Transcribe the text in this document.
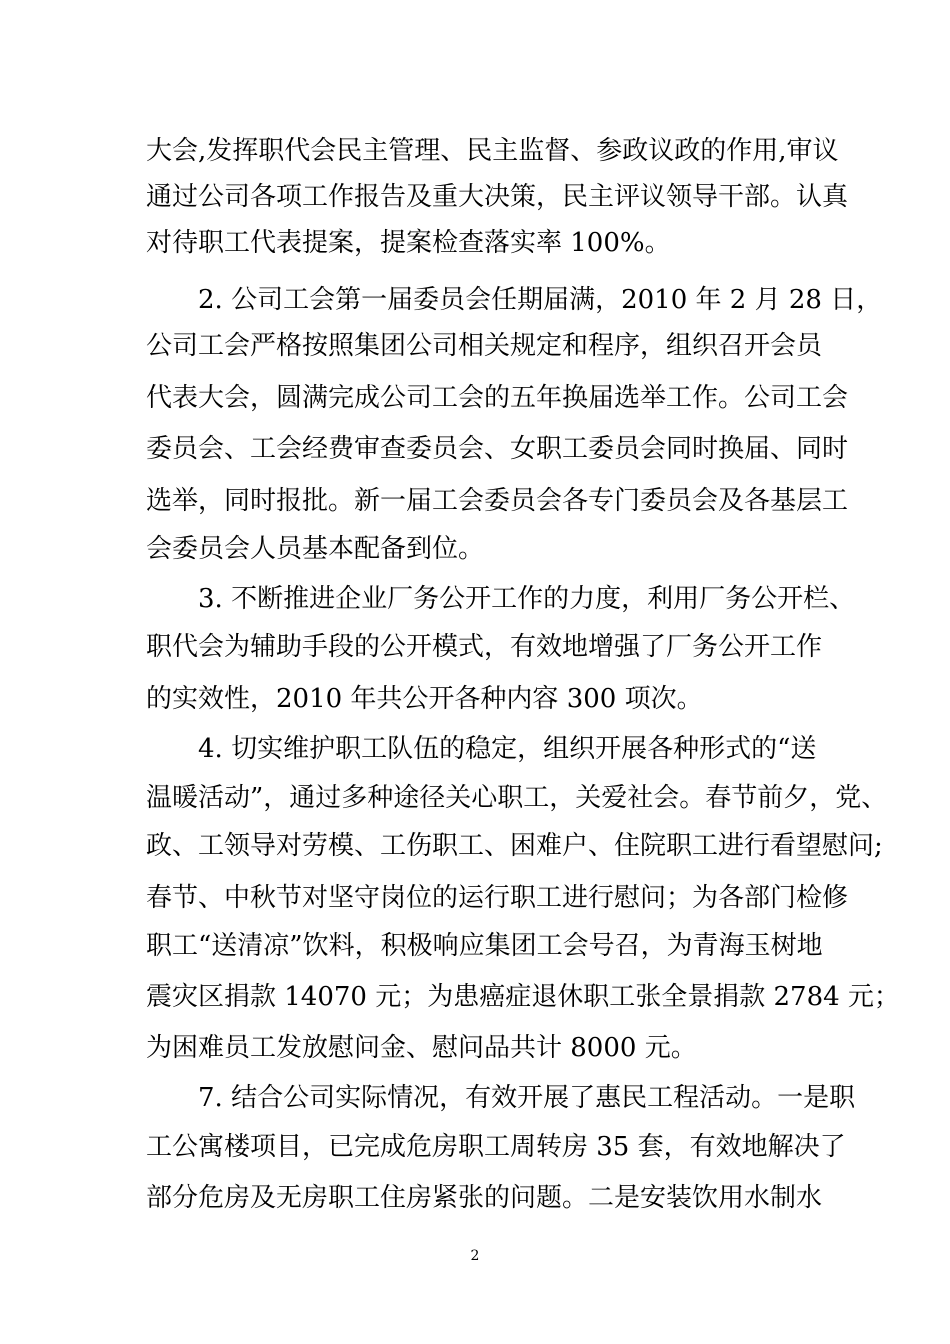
大会,发挥职代会民主管理、民主监督、参政议政的作用,审议
通过公司各项工作报告及重大决策，民主评议领导干部。认真
对待职工代表提案，提案检查落实率 100%。
2. 公司工会第一届委员会任期届满，2010 年 2 月 28 日，
公司工会严格按照集团公司相关规定和程序，组织召开会员
代表大会，圆满完成公司工会的五年换届选举工作。公司工会
委员会、工会经费审查委员会、女职工委员会同时换届、同时
选举，同时报批。新一届工会委员会各专门委员会及各基层工
会委员会人员基本配备到位。
3. 不断推进企业厂务公开工作的力度，利用厂务公开栏、
职代会为辅助手段的公开模式，有效地增强了厂务公开工作
的实效性，2010 年共公开各种内容 300 项次。
4. 切实维护职工队伍的稳定，组织开展各种形式的“送
温暖活动”，通过多种途径关心职工，关爱社会。春节前夕，党、
政、工领导对劳模、工伤职工、困难户、住院职工进行看望慰问;
春节、中秋节对坚守岗位的运行职工进行慰问；为各部门检修
职工“送清凉”饮料，积极响应集团工会号召，为青海玉树地
震灾区捐款 14070 元；为患癌症退休职工张全景捐款 2784 元；
为困难员工发放慰问金、慰问品共计 8000 元。
7. 结合公司实际情况，有效开展了惠民工程活动。一是职
工公寓楼项目，已完成危房职工周转房 35 套，有效地解决了
部分危房及无房职工住房紧张的问题。二是安装饮用水制水
2
